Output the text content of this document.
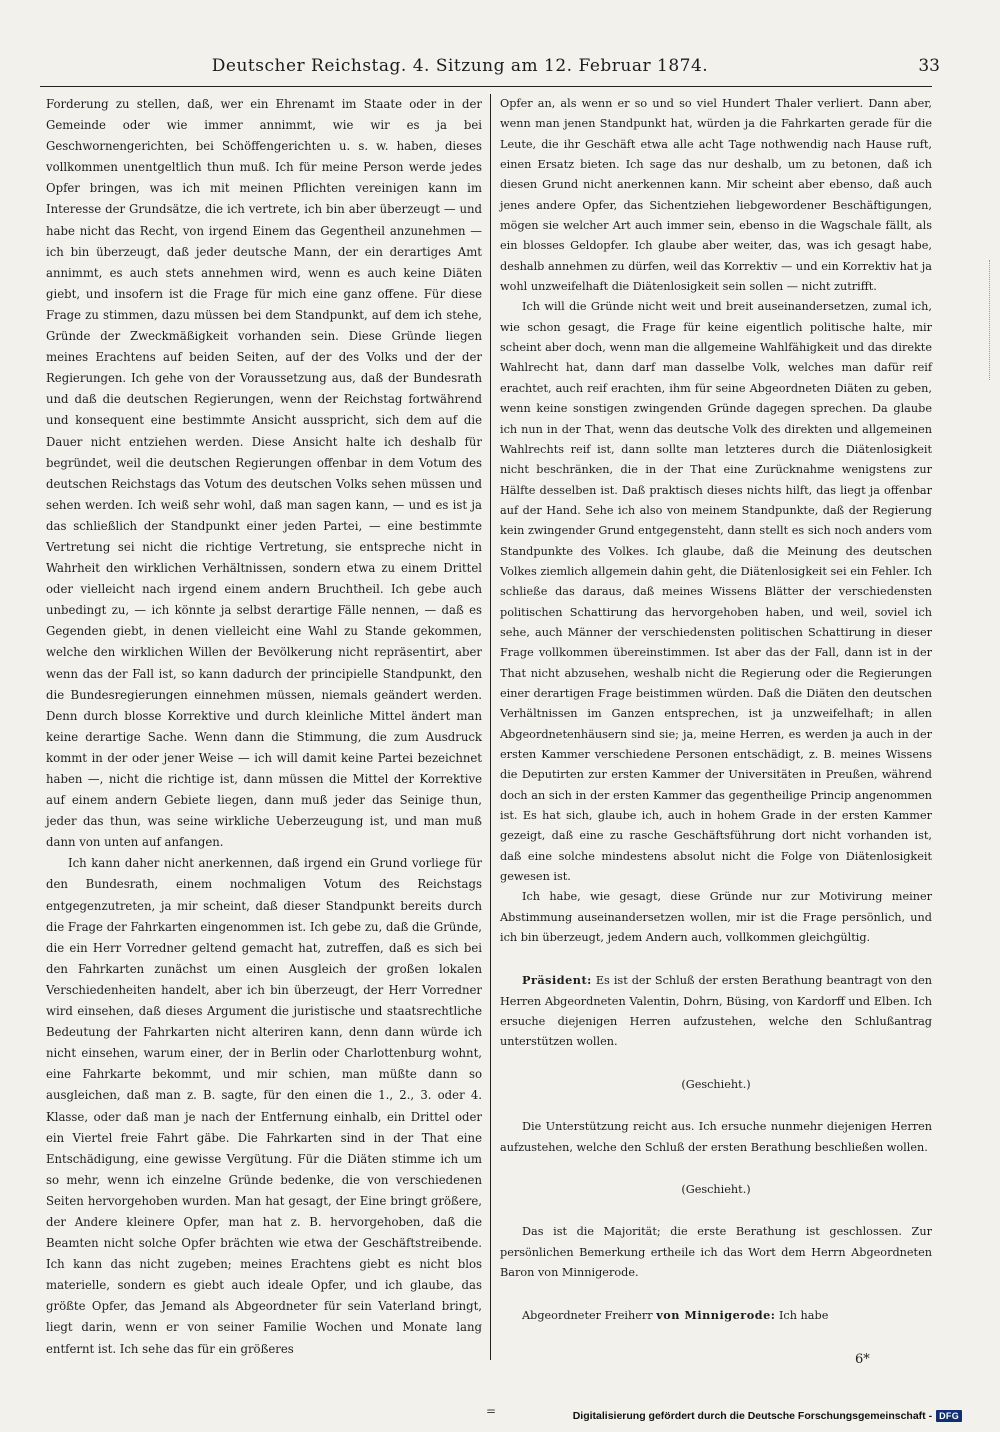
Deutscher Reichstag. 4. Sitzung am 12. Februar 1874.	33

Forderung zu stellen, daß, wer ein Ehrenamt im Staate oder in der Gemeinde oder wie immer annimmt, wie wir es ja bei Geschwornengerichten, bei Schöffengerichten u. s. w. haben, dieses vollkommen unentgeltlich thun muß. Ich für meine Person werde jedes Opfer bringen, was ich mit meinen Pflichten vereinigen kann im Interesse der Grundsätze, die ich vertrete, ich bin aber überzeugt — und habe nicht das Recht, von irgend Einem das Gegentheil anzunehmen — ich bin überzeugt, daß jeder deutsche Mann, der ein derartiges Amt annimmt, es auch stets annehmen wird, wenn es auch keine Diäten giebt, und insofern ist die Frage für mich eine ganz offene. Für diese Frage zu stimmen, dazu müssen bei dem Standpunkt, auf dem ich stehe, Gründe der Zweckmäßigkeit vorhanden sein. Diese Gründe liegen meines Erachtens auf beiden Seiten, auf der des Volks und der der Regierungen. Ich gehe von der Voraussetzung aus, daß der Bundesrath und daß die deutschen Regierungen, wenn der Reichstag fortwährend und konsequent eine bestimmte Ansicht ausspricht, sich dem auf die Dauer nicht entziehen werden. Diese Ansicht halte ich deshalb für begründet, weil die deutschen Regierungen offenbar in dem Votum des deutschen Reichstags das Votum des deutschen Volks sehen müssen und sehen werden. Ich weiß sehr wohl, daß man sagen kann, — und es ist ja das schließlich der Standpunkt einer jeden Partei, — eine bestimmte Vertretung sei nicht die richtige Vertretung, sie entspreche nicht in Wahrheit den wirklichen Verhältnissen, sondern etwa zu einem Drittel oder vielleicht nach irgend einem andern Bruchtheil. Ich gebe auch unbedingt zu, — ich könnte ja selbst derartige Fälle nennen, — daß es Gegenden giebt, in denen vielleicht eine Wahl zu Stande gekommen, welche den wirklichen Willen der Bevölkerung nicht repräsentirt, aber wenn das der Fall ist, so kann dadurch der principielle Standpunkt, den die Bundesregierungen einnehmen müssen, niemals geändert werden. Denn durch blosse Korrektive und durch kleinliche Mittel ändert man keine derartige Sache. Wenn dann die Stimmung, die zum Ausdruck kommt in der oder jener Weise — ich will damit keine Partei bezeichnet haben —, nicht die richtige ist, dann müssen die Mittel der Korrektive auf einem andern Gebiete liegen, dann muß jeder das Seinige thun, jeder das thun, was seine wirkliche Ueberzeugung ist, und man muß dann von unten auf anfangen.

Ich kann daher nicht anerkennen, daß irgend ein Grund vorliege für den Bundesrath, einem nochmaligen Votum des Reichstags entgegenzutreten, ja mir scheint, daß dieser Standpunkt bereits durch die Frage der Fahrkarten eingenommen ist. Ich gebe zu, daß die Gründe, die ein Herr Vorredner geltend gemacht hat, zutreffen, daß es sich bei den Fahrkarten zunächst um einen Ausgleich der großen lokalen Verschiedenheiten handelt, aber ich bin überzeugt, der Herr Vorredner wird einsehen, daß dieses Argument die juristische und staatsrechtliche Bedeutung der Fahrkarten nicht alteriren kann, denn dann würde ich nicht einsehen, warum einer, der in Berlin oder Charlottenburg wohnt, eine Fahrkarte bekommt, und mir schien, man müßte dann so ausgleichen, daß man z. B. sagte, für den einen die 1., 2., 3. oder 4. Klasse, oder daß man je nach der Entfernung einhalb, ein Drittel oder ein Viertel freie Fahrt gäbe. Die Fahrkarten sind in der That eine Entschädigung, eine gewisse Vergütung. Für die Diäten stimme ich um so mehr, wenn ich einzelne Gründe bedenke, die von verschiedenen Seiten hervorgehoben wurden. Man hat gesagt, der Eine bringt größere, der Andere kleinere Opfer, man hat z. B. hervorgehoben, daß die Beamten nicht solche Opfer brächten wie etwa der Geschäftstreibende. Ich kann das nicht zugeben; meines Erachtens giebt es nicht blos materielle, sondern es giebt auch ideale Opfer, und ich glaube, das größte Opfer, das Jemand als Abgeordneter für sein Vaterland bringt, liegt darin, wenn er von seiner Familie Wochen und Monate lang entfernt ist. Ich sehe das für ein größeres

Opfer an, als wenn er so und so viel Hundert Thaler verliert. Dann aber, wenn man jenen Standpunkt hat, würden ja die Fahrkarten gerade für die Leute, die ihr Geschäft etwa alle acht Tage nothwendig nach Hause ruft, einen Ersatz bieten. Ich sage das nur deshalb, um zu betonen, daß ich diesen Grund nicht anerkennen kann. Mir scheint aber ebenso, daß auch jenes andere Opfer, das Sichentziehen liebgewordener Beschäftigungen, mögen sie welcher Art auch immer sein, ebenso in die Wagschale fällt, als ein blosses Geldopfer. Ich glaube aber weiter, das, was ich gesagt habe, deshalb annehmen zu dürfen, weil das Korrektiv — und ein Korrektiv hat ja wohl unzweifelhaft die Diätenlosigkeit sein sollen — nicht zutrifft.

Ich will die Gründe nicht weit und breit auseinandersetzen, zumal ich, wie schon gesagt, die Frage für keine eigentlich politische halte, mir scheint aber doch, wenn man die allgemeine Wahlfähigkeit und das direkte Wahlrecht hat, dann darf man dasselbe Volk, welches man dafür reif erachtet, auch reif erachten, ihm für seine Abgeordneten Diäten zu geben, wenn keine sonstigen zwingenden Gründe dagegen sprechen. Da glaube ich nun in der That, wenn das deutsche Volk des direkten und allgemeinen Wahlrechts reif ist, dann sollte man letzteres durch die Diätenlosigkeit nicht beschränken, die in der That eine Zurücknahme wenigstens zur Hälfte desselben ist. Daß praktisch dieses nichts hilft, das liegt ja offenbar auf der Hand. Sehe ich also von meinem Standpunkte, daß der Regierung kein zwingender Grund entgegensteht, dann stellt es sich noch anders vom Standpunkte des Volkes. Ich glaube, daß die Meinung des deutschen Volkes ziemlich allgemein dahin geht, die Diätenlosigkeit sei ein Fehler. Ich schließe das daraus, daß meines Wissens Blätter der verschiedensten politischen Schattirung das hervorgehoben haben, und weil, soviel ich sehe, auch Männer der verschiedensten politischen Schattirung in dieser Frage vollkommen übereinstimmen. Ist aber das der Fall, dann ist in der That nicht abzusehen, weshalb nicht die Regierung oder die Regierungen einer derartigen Frage beistimmen würden. Daß die Diäten den deutschen Verhältnissen im Ganzen entsprechen, ist ja unzweifelhaft; in allen Abgeordnetenhäusern sind sie; ja, meine Herren, es werden ja auch in der ersten Kammer verschiedene Personen entschädigt, z. B. meines Wissens die Deputirten zur ersten Kammer der Universitäten in Preußen, während doch an sich in der ersten Kammer das gegentheilige Princip angenommen ist. Es hat sich, glaube ich, auch in hohem Grade in der ersten Kammer gezeigt, daß eine zu rasche Geschäftsführung dort nicht vorhanden ist, daß eine solche mindestens absolut nicht die Folge von Diätenlosigkeit gewesen ist.

Ich habe, wie gesagt, diese Gründe nur zur Motivirung meiner Abstimmung auseinandersetzen wollen, mir ist die Frage persönlich, und ich bin überzeugt, jedem Andern auch, vollkommen gleichgültig.

Präsident: Es ist der Schluß der ersten Berathung beantragt von den Herren Abgeordneten Valentin, Dohrn, Büsing, von Kardorff und Elben. Ich ersuche diejenigen Herren aufzustehen, welche den Schlußantrag unterstützen wollen.

(Geschieht.)

Die Unterstützung reicht aus. Ich ersuche nunmehr diejenigen Herren aufzustehen, welche den Schluß der ersten Berathung beschließen wollen.

(Geschieht.)

Das ist die Majorität; die erste Berathung ist geschlossen. Zur persönlichen Bemerkung ertheile ich das Wort dem Herrn Abgeordneten Baron von Minnigerode.

Abgeordneter Freiherr von Minnigerode: Ich habe

6*
=	Digitalisierung gefördert durch die Deutsche Forschungsgemeinschaft - DFG
